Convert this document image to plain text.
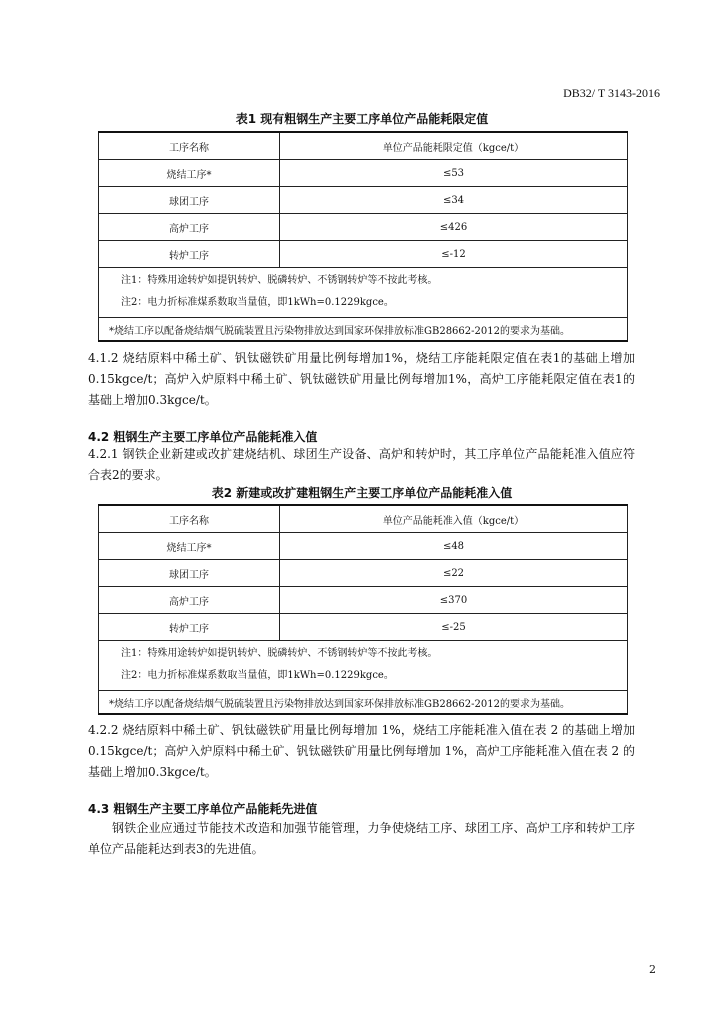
DB32/ T 3143-2016
表1 现有粗钢生产主要工序单位产品能耗限定值
工序名称	单位产品能耗限定值（kgce/t）
烧结工序*	≤53
球团工序	≤34
高炉工序	≤426
转炉工序	≤-12

注1：特殊用途转炉如提钒转炉、脱磷转炉、不锈钢转炉等不按此考核。
注2：电力折标准煤系数取当量值，即1kWh=0.1229kgce。	

*烧结工序以配备烧结烟气脱硫装置且污染物排放达到国家环保排放标准GB28662-2012的要求为基础。	
4.1.2 烧结原料中稀土矿、钒钛磁铁矿用量比例每增加1%，烧结工序能耗限定值在表1的基础上增加0.15kgce/t；高炉入炉原料中稀土矿、钒钛磁铁矿用量比例每增加1%，高炉工序能耗限定值在表1的基础上增加0.3kgce/t。
4.2 粗钢生产主要工序单位产品能耗准入值
4.2.1 钢铁企业新建或改扩建烧结机、球团生产设备、高炉和转炉时，其工序单位产品能耗准入值应符合表2的要求。
表2 新建或改扩建粗钢生产主要工序单位产品能耗准入值
工序名称	单位产品能耗准入值（kgce/t）
烧结工序*	≤48
球团工序	≤22
高炉工序	≤370
转炉工序	≤-25

注1：特殊用途转炉如提钒转炉、脱磷转炉、不锈钢转炉等不按此考核。
注2：电力折标准煤系数取当量值，即1kWh=0.1229kgce。	

*烧结工序以配备烧结烟气脱硫装置且污染物排放达到国家环保排放标准GB28662-2012的要求为基础。	
4.2.2 烧结原料中稀土矿、钒钛磁铁矿用量比例每增加 1%，烧结工序能耗准入值在表 2 的基础上增加0.15kgce/t；高炉入炉原料中稀土矿、钒钛磁铁矿用量比例每增加 1%，高炉工序能耗准入值在表 2 的基础上增加0.3kgce/t。
4.3 粗钢生产主要工序单位产品能耗先进值
钢铁企业应通过节能技术改造和加强节能管理，力争使烧结工序、球团工序、高炉工序和转炉工序单位产品能耗达到表3的先进值。
2
